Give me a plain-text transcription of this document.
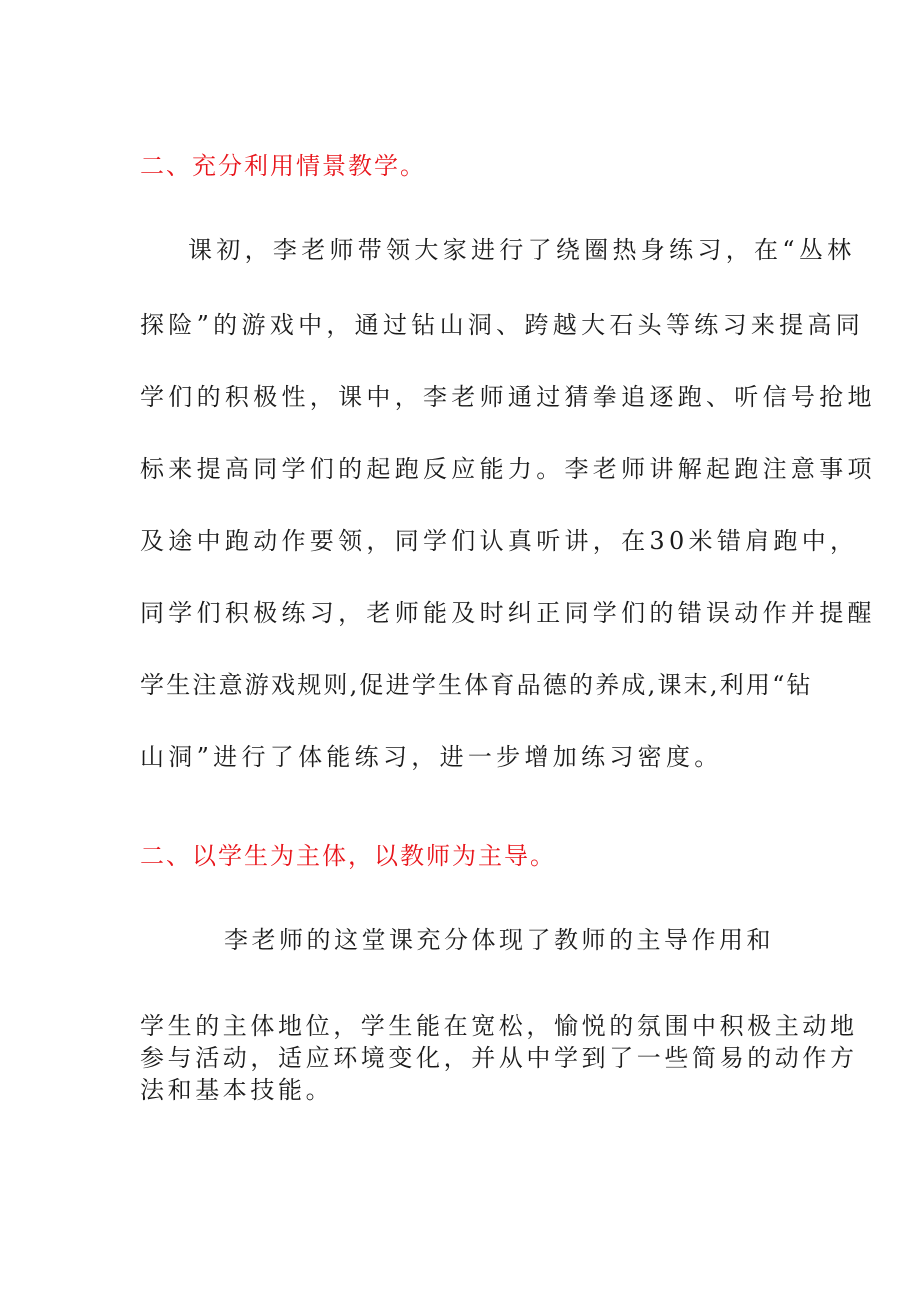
二、充分利用情景教学。
课初，李老师带领大家进行了绕圈热身练习，在“丛林
探险”的游戏中，通过钻山洞、跨越大石头等练习来提高同
学们的积极性，课中，李老师通过猜拳追逐跑、听信号抢地
标来提高同学们的起跑反应能力。李老师讲解起跑注意事项
及途中跑动作要领，同学们认真听讲，在30米错肩跑中，
同学们积极练习，老师能及时纠正同学们的错误动作并提醒
学生注意游戏规则,促进学生体育品德的养成,课末,利用“钻
山洞”进行了体能练习，进一步增加练习密度。
二、以学生为主体，以教师为主导。
李老师的这堂课充分体现了教师的主导作用和
学生的主体地位，学生能在宽松，愉悦的氛围中积极主动地
参与活动，适应环境变化，并从中学到了一些简易的动作方
法和基本技能。
